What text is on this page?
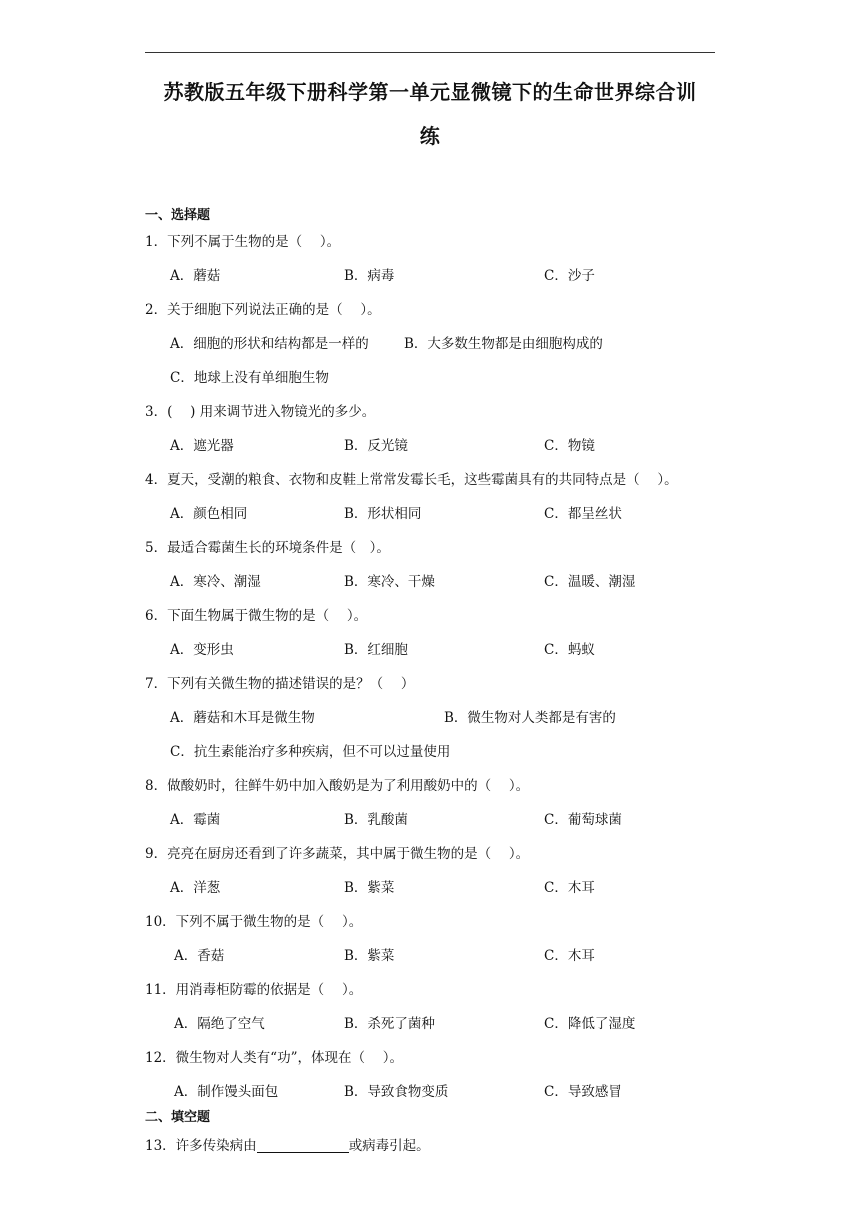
苏教版五年级下册科学第一单元显微镜下的生命世界综合训
练
一、选择题
1．下列不属于生物的是（　 ）。
A．蘑菇	B．病毒	C．沙子
2．关于细胞下列说法正确的是（　 ）。
A．细胞的形状和结构都是一样的	B．大多数生物都是由细胞构成的
C．地球上没有单细胞生物
3．(　 ) 用来调节进入物镜光的多少。
A．遮光器	B．反光镜	C．物镜
4．夏天，受潮的粮食、衣物和皮鞋上常常发霉长毛，这些霉菌具有的共同特点是（　 ）。
A．颜色相同	B．形状相同	C．都呈丝状
5．最适合霉菌生长的环境条件是（　）。
A．寒冷、潮湿	B．寒冷、干燥	C．温暖、潮湿
6．下面生物属于微生物的是（　 ）。
A．变形虫	B．红细胞	C．蚂蚁
7．下列有关微生物的描述错误的是？（　 ）
A．蘑菇和木耳是微生物	B．微生物对人类都是有害的
C．抗生素能治疗多种疾病，但不可以过量使用
8．做酸奶时，往鲜牛奶中加入酸奶是为了利用酸奶中的（　 ）。
A．霉菌	B．乳酸菌	C．葡萄球菌
9．亮亮在厨房还看到了许多蔬菜，其中属于微生物的是（　 ）。
A．洋葱	B．紫菜	C．木耳
10．下列不属于微生物的是（　 ）。
A．香菇	B．紫菜	C．木耳
11．用消毒柜防霉的依据是（　 ）。
A．隔绝了空气	B．杀死了菌种	C．降低了湿度
12．微生物对人类有“功”，体现在（　 ）。
A．制作馒头面包	B．导致食物变质	C．导致感冒
二、填空题
13．许多传染病由	或病毒引起。
